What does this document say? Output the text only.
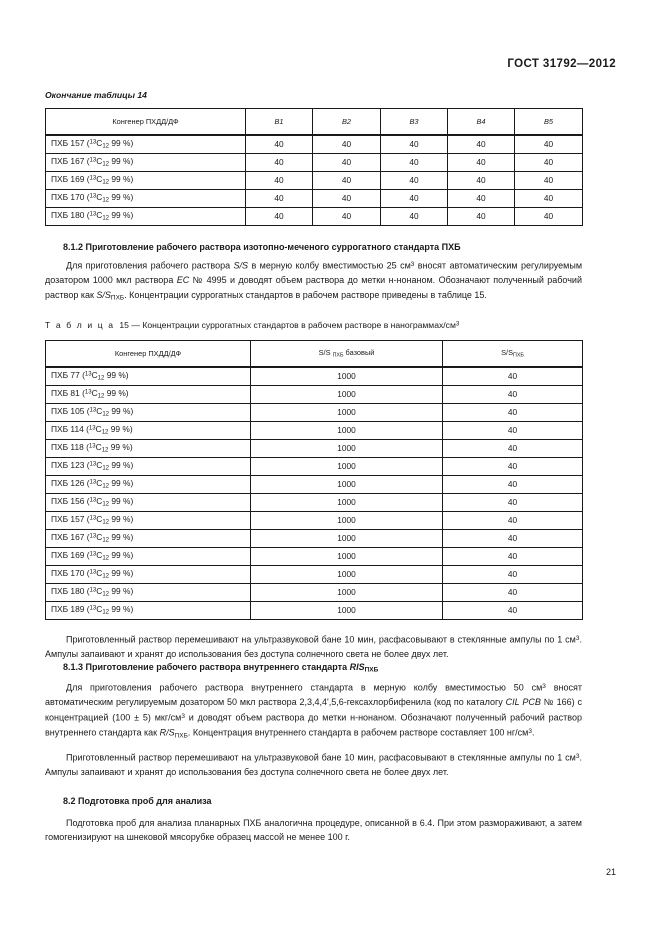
ГОСТ 31792—2012
Окончание таблицы 14
Конгенер ПХДД/ДФ	B1	B2	B3	B4	B5
ПХБ 157 ($^{13}C_{12}$ 99 %)	40	40	40	40	40
ПХБ 167 ($^{13}C_{12}$ 99 %)	40	40	40	40	40
ПХБ 169 ($^{13}C_{12}$ 99 %)	40	40	40	40	40
ПХБ 170 ($^{13}C_{12}$ 99 %)	40	40	40	40	40
ПХБ 180 ($^{13}C_{12}$ 99 %)	40	40	40	40	40
8.1.2 Приготовление рабочего раствора изотопно-меченого суррогатного стандарта ПХБ

Для приготовления рабочего раствора S/S в мерную колбу вместимостью 25 $см^3$ вносят автоматическим регулируемым дозатором 1000 мкл раствора EC № 4995 и доводят объем раствора до метки н-нонаном. Обозначают полученный рабочий раствор как $S/S_{ПХБ}$. Концентрации суррогатных стандартов в рабочем растворе приведены в таблице 15.

Т а б л и ц а 15 — Концентрации суррогатных стандартов в рабочем растворе в нанограммах/$см^3$
Конгенер ПХДД/ДФ	S/S $_{ПХБ}$ базовый	$S/S_{ПХБ}$
ПХБ 77 ($^{13}C_{12}$ 99 %)	1000	40
ПХБ 81 ($^{13}C_{12}$ 99 %)	1000	40
ПХБ 105 ($^{13}C_{12}$ 99 %)	1000	40
ПХБ 114 ($^{13}C_{12}$ 99 %)	1000	40
ПХБ 118 ($^{13}C_{12}$ 99 %)	1000	40
ПХБ 123 ($^{13}C_{12}$ 99 %)	1000	40
ПХБ 126 ($^{13}C_{12}$ 99 %)	1000	40
ПХБ 156 ($^{13}C_{12}$ 99 %)	1000	40
ПХБ 157 ($^{13}C_{12}$ 99 %)	1000	40
ПХБ 167 ($^{13}C_{12}$ 99 %)	1000	40
ПХБ 169 ($^{13}C_{12}$ 99 %)	1000	40
ПХБ 170 ($^{13}C_{12}$ 99 %)	1000	40
ПХБ 180 ($^{13}C_{12}$ 99 %)	1000	40
ПХБ 189 ($^{13}C_{12}$ 99 %)	1000	40

Приготовленный раствор перемешивают на ультразвуковой бане 10 мин, расфасовывают в стеклянные ампулы по 1 $см^3$. Ампулы запаивают и хранят до использования без доступа солнечного света не более двух лет.

8.1.3 Приготовление рабочего раствора внутреннего стандарта $RIS_{ПХБ}$

Для приготовления рабочего раствора внутреннего стандарта в мерную колбу вместимостью 50 $см^3$ вносят автоматическим регулируемым дозатором 50 мкл раствора 2,3,4,4',5,6-гексахлорбифенила (код по каталогу CIL PCB № 166) с концентрацией (100 ± 5) мкг/$см^3$ и доводят объем раствора до метки н-нонаном. Обозначают полученный рабочий раствор внутреннего стандарта как $R/S_{ПХБ}$. Концентрация внутреннего стандарта в рабочем растворе составляет 100 $нг/см^3$.

Приготовленный раствор перемешивают на ультразвуковой бане 10 мин, расфасовывают в стеклянные ампулы по 1 $см^3$. Ампулы запаивают и хранят до использования без доступа солнечного света не более двух лет.

8.2 Подготовка проб для анализа

Подготовка проб для анализа планарных ПХБ аналогична процедуре, описанной в 6.4. При этом размораживают, а затем гомогенизируют на шнековой мясорубке образец массой не менее 100 г.

21
